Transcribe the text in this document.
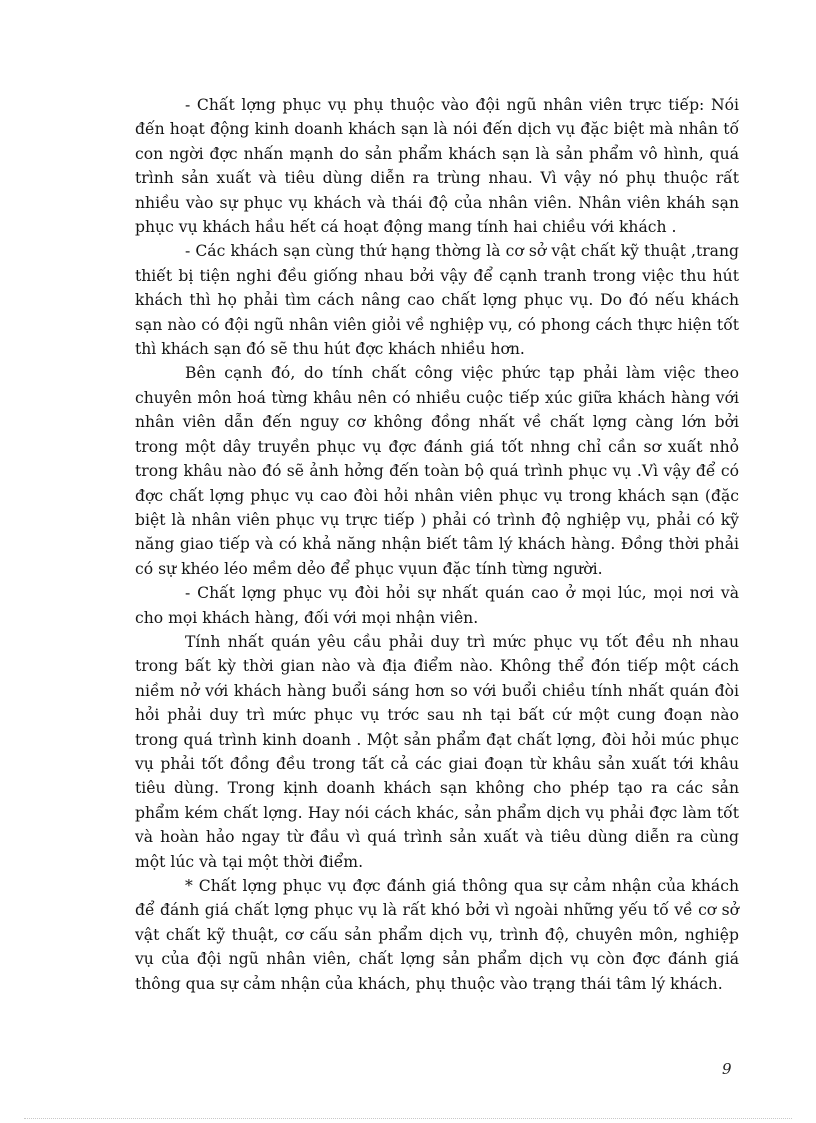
- Chất lợng phục vụ phụ thuộc vào đội ngũ nhân viên trực tiếp: Nói đến hoạt động kinh doanh khách sạn là nói đến dịch vụ đặc biệt mà nhân tố con ngời đợc nhấn mạnh do sản phẩm khách sạn là sản phẩm vô hình, quá trình sản xuất và tiêu dùng diễn ra trùng nhau. Vì vậy nó phụ thuộc rất nhiều vào sự phục vụ khách và thái độ của nhân viên. Nhân viên kháh sạn phục vụ khách hầu hết cá hoạt động mang tính hai chiều với khách .

- Các khách sạn cùng thứ hạng thờng là cơ sở vật chất kỹ thuật ,trang thiết bị tiện nghi đều giống nhau bởi vậy để cạnh tranh trong việc thu hút khách thì họ phải tìm cách nâng cao chất lợng phục vụ. Do đó nếu khách sạn nào có đội ngũ nhân viên giỏi về nghiệp vụ, có phong cách thực hiện tốt thì khách sạn đó sẽ thu hút đợc khách nhiều hơn.

Bên cạnh đó, do tính chất công việc phức tạp phải làm việc theo chuyên môn hoá từng khâu nên có nhiều cuộc tiếp xúc giữa khách hàng với nhân viên dẫn đến nguy cơ không đồng nhất về chất lợng càng lớn bởi trong một dây truyền phục vụ đợc đánh giá tốt nhng chỉ cần sơ xuất nhỏ trong khâu nào đó sẽ ảnh hởng đến toàn bộ quá trình phục vụ .Vì vậy để có đợc chất lợng phục vụ cao đòi hỏi nhân viên phục vụ trong khách sạn (đặc biệt là nhân viên phục vụ trực tiếp ) phải có trình độ nghiệp vụ, phải có kỹ năng giao tiếp và có khả năng nhận biết tâm lý khách hàng. Đồng thời phải có sự khéo léo mềm dẻo để phục vụun đặc tính từng người.

- Chất lợng phục vụ đòi hỏi sự nhất quán cao ở mọi lúc, mọi nơi và cho mọi khách hàng, đối với mọi nhận viên.

Tính nhất quán yêu cầu phải duy trì mức phục vụ tốt đều nh nhau trong bất kỳ thời gian nào và địa điểm nào. Không thể đón tiếp một cách niềm nở với khách hàng buổi sáng hơn so với buổi chiều tính nhất quán đòi hỏi phải duy trì mức phục vụ trớc sau nh tại bất cứ một cung đoạn nào trong quá trình kinh doanh . Một sản phẩm đạt chất lợng, đòi hỏi múc phục vụ phải tốt đồng đều trong tất cả các giai đoạn từ khâu sản xuất tới khâu tiêu dùng. Trong kịnh doanh khách sạn không cho phép tạo ra các sản phẩm kém chất lợng. Hay nói cách khác, sản phẩm dịch vụ phải đợc làm tốt và hoàn hảo ngay từ đầu vì quá trình sản xuất và tiêu dùng diễn ra cùng một lúc và tại một thời điểm.

* Chất lợng phục vụ đợc đánh giá thông qua sự cảm nhận của khách để đánh giá chất lợng phục vụ là rất khó bởi vì ngoài những yếu tố về cơ sở vật chất kỹ thuật, cơ cấu sản phẩm dịch vụ, trình độ, chuyên môn, nghiệp vụ của đội ngũ nhân viên, chất lợng sản phẩm dịch vụ còn đợc đánh giá thông qua sự cảm nhận của khách, phụ thuộc vào trạng thái tâm lý khách.

9
